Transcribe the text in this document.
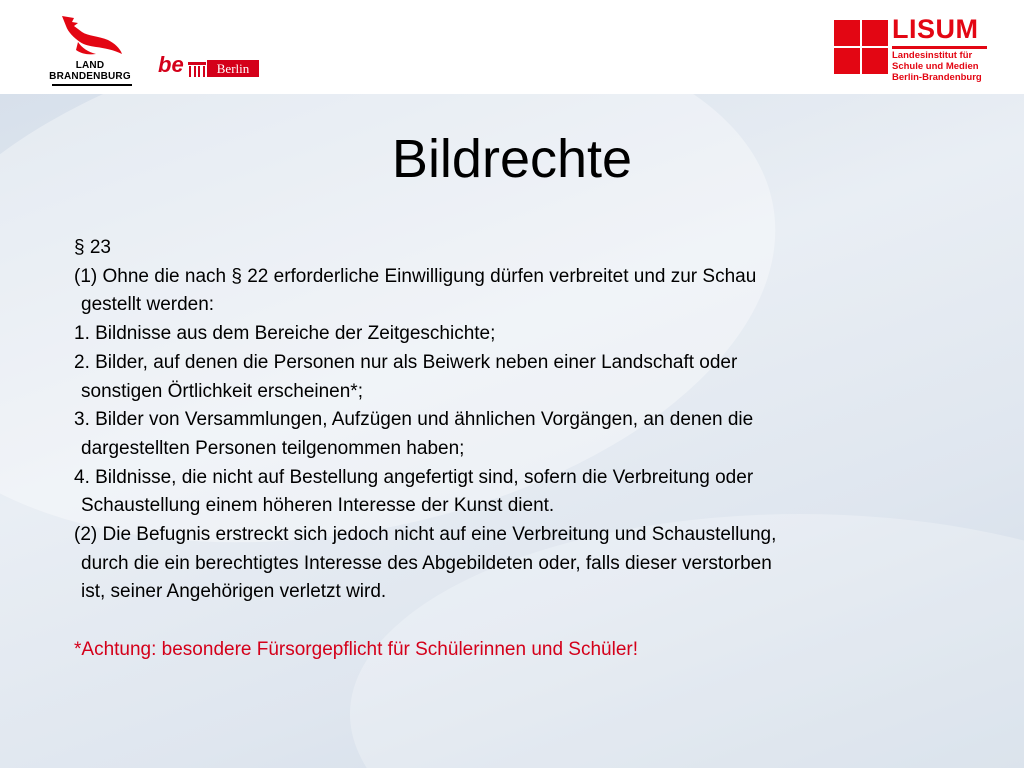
LAND
BRANDENBURG be	Berlin
LISUM
Landesinstitut für
Schule und Medien
Berlin-Brandenburg
Bildrechte
§ 23
(1) Ohne die nach § 22 erforderliche Einwilligung dürfen verbreitet und zur Schau
gestellt werden:
1. Bildnisse aus dem Bereiche der Zeitgeschichte;
2. Bilder, auf denen die Personen nur als Beiwerk neben einer Landschaft oder
sonstigen Örtlichkeit erscheinen*;
3. Bilder von Versammlungen, Aufzügen und ähnlichen Vorgängen, an denen die
dargestellten Personen teilgenommen haben;
4. Bildnisse, die nicht auf Bestellung angefertigt sind, sofern die Verbreitung oder
Schaustellung einem höheren Interesse der Kunst dient.
(2) Die Befugnis erstreckt sich jedoch nicht auf eine Verbreitung und Schaustellung,
durch die ein berechtigtes Interesse des Abgebildeten oder, falls dieser verstorben
ist, seiner Angehörigen verletzt wird.
*Achtung: besondere Fürsorgepflicht für Schülerinnen und Schüler!
